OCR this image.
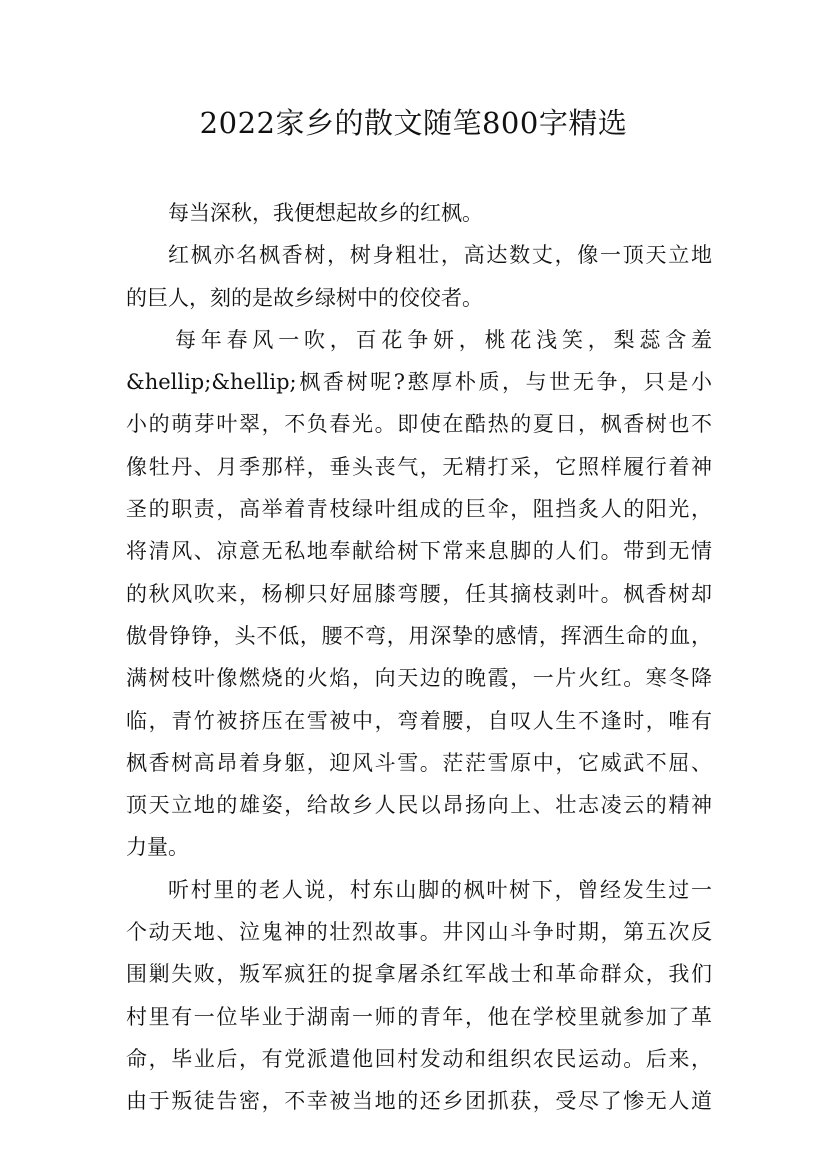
2022家乡的散文随笔800字精选
每当深秋，我便想起故乡的红枫。
红枫亦名枫香树，树身粗壮，高达数丈，像一顶天立地
的巨人，刻的是故乡绿树中的佼佼者。
每年春风一吹，百花争妍，桃花浅笑，梨蕊含羞
&hellip;&hellip;枫香树呢?憨厚朴质，与世无争，只是小
小的萌芽叶翠，不负春光。即使在酷热的夏日，枫香树也不
像牡丹、月季那样，垂头丧气，无精打采，它照样履行着神
圣的职责，高举着青枝绿叶组成的巨伞，阻挡炙人的阳光，
将清风、凉意无私地奉献给树下常来息脚的人们。带到无情
的秋风吹来，杨柳只好屈膝弯腰，任其摘枝剥叶。枫香树却
傲骨铮铮，头不低，腰不弯，用深挚的感情，挥洒生命的血，
满树枝叶像燃烧的火焰，向天边的晚霞，一片火红。寒冬降
临，青竹被挤压在雪被中，弯着腰，自叹人生不逢时，唯有
枫香树高昂着身躯，迎风斗雪。茫茫雪原中，它威武不屈、
顶天立地的雄姿，给故乡人民以昂扬向上、壮志凌云的精神
力量。
听村里的老人说，村东山脚的枫叶树下，曾经发生过一
个动天地、泣鬼神的壮烈故事。井冈山斗争时期，第五次反
围剿失败，叛军疯狂的捉拿屠杀红军战士和革命群众，我们
村里有一位毕业于湖南一师的青年，他在学校里就参加了革
命，毕业后，有党派遣他回村发动和组织农民运动。后来，
由于叛徒告密，不幸被当地的还乡团抓获，受尽了惨无人道
